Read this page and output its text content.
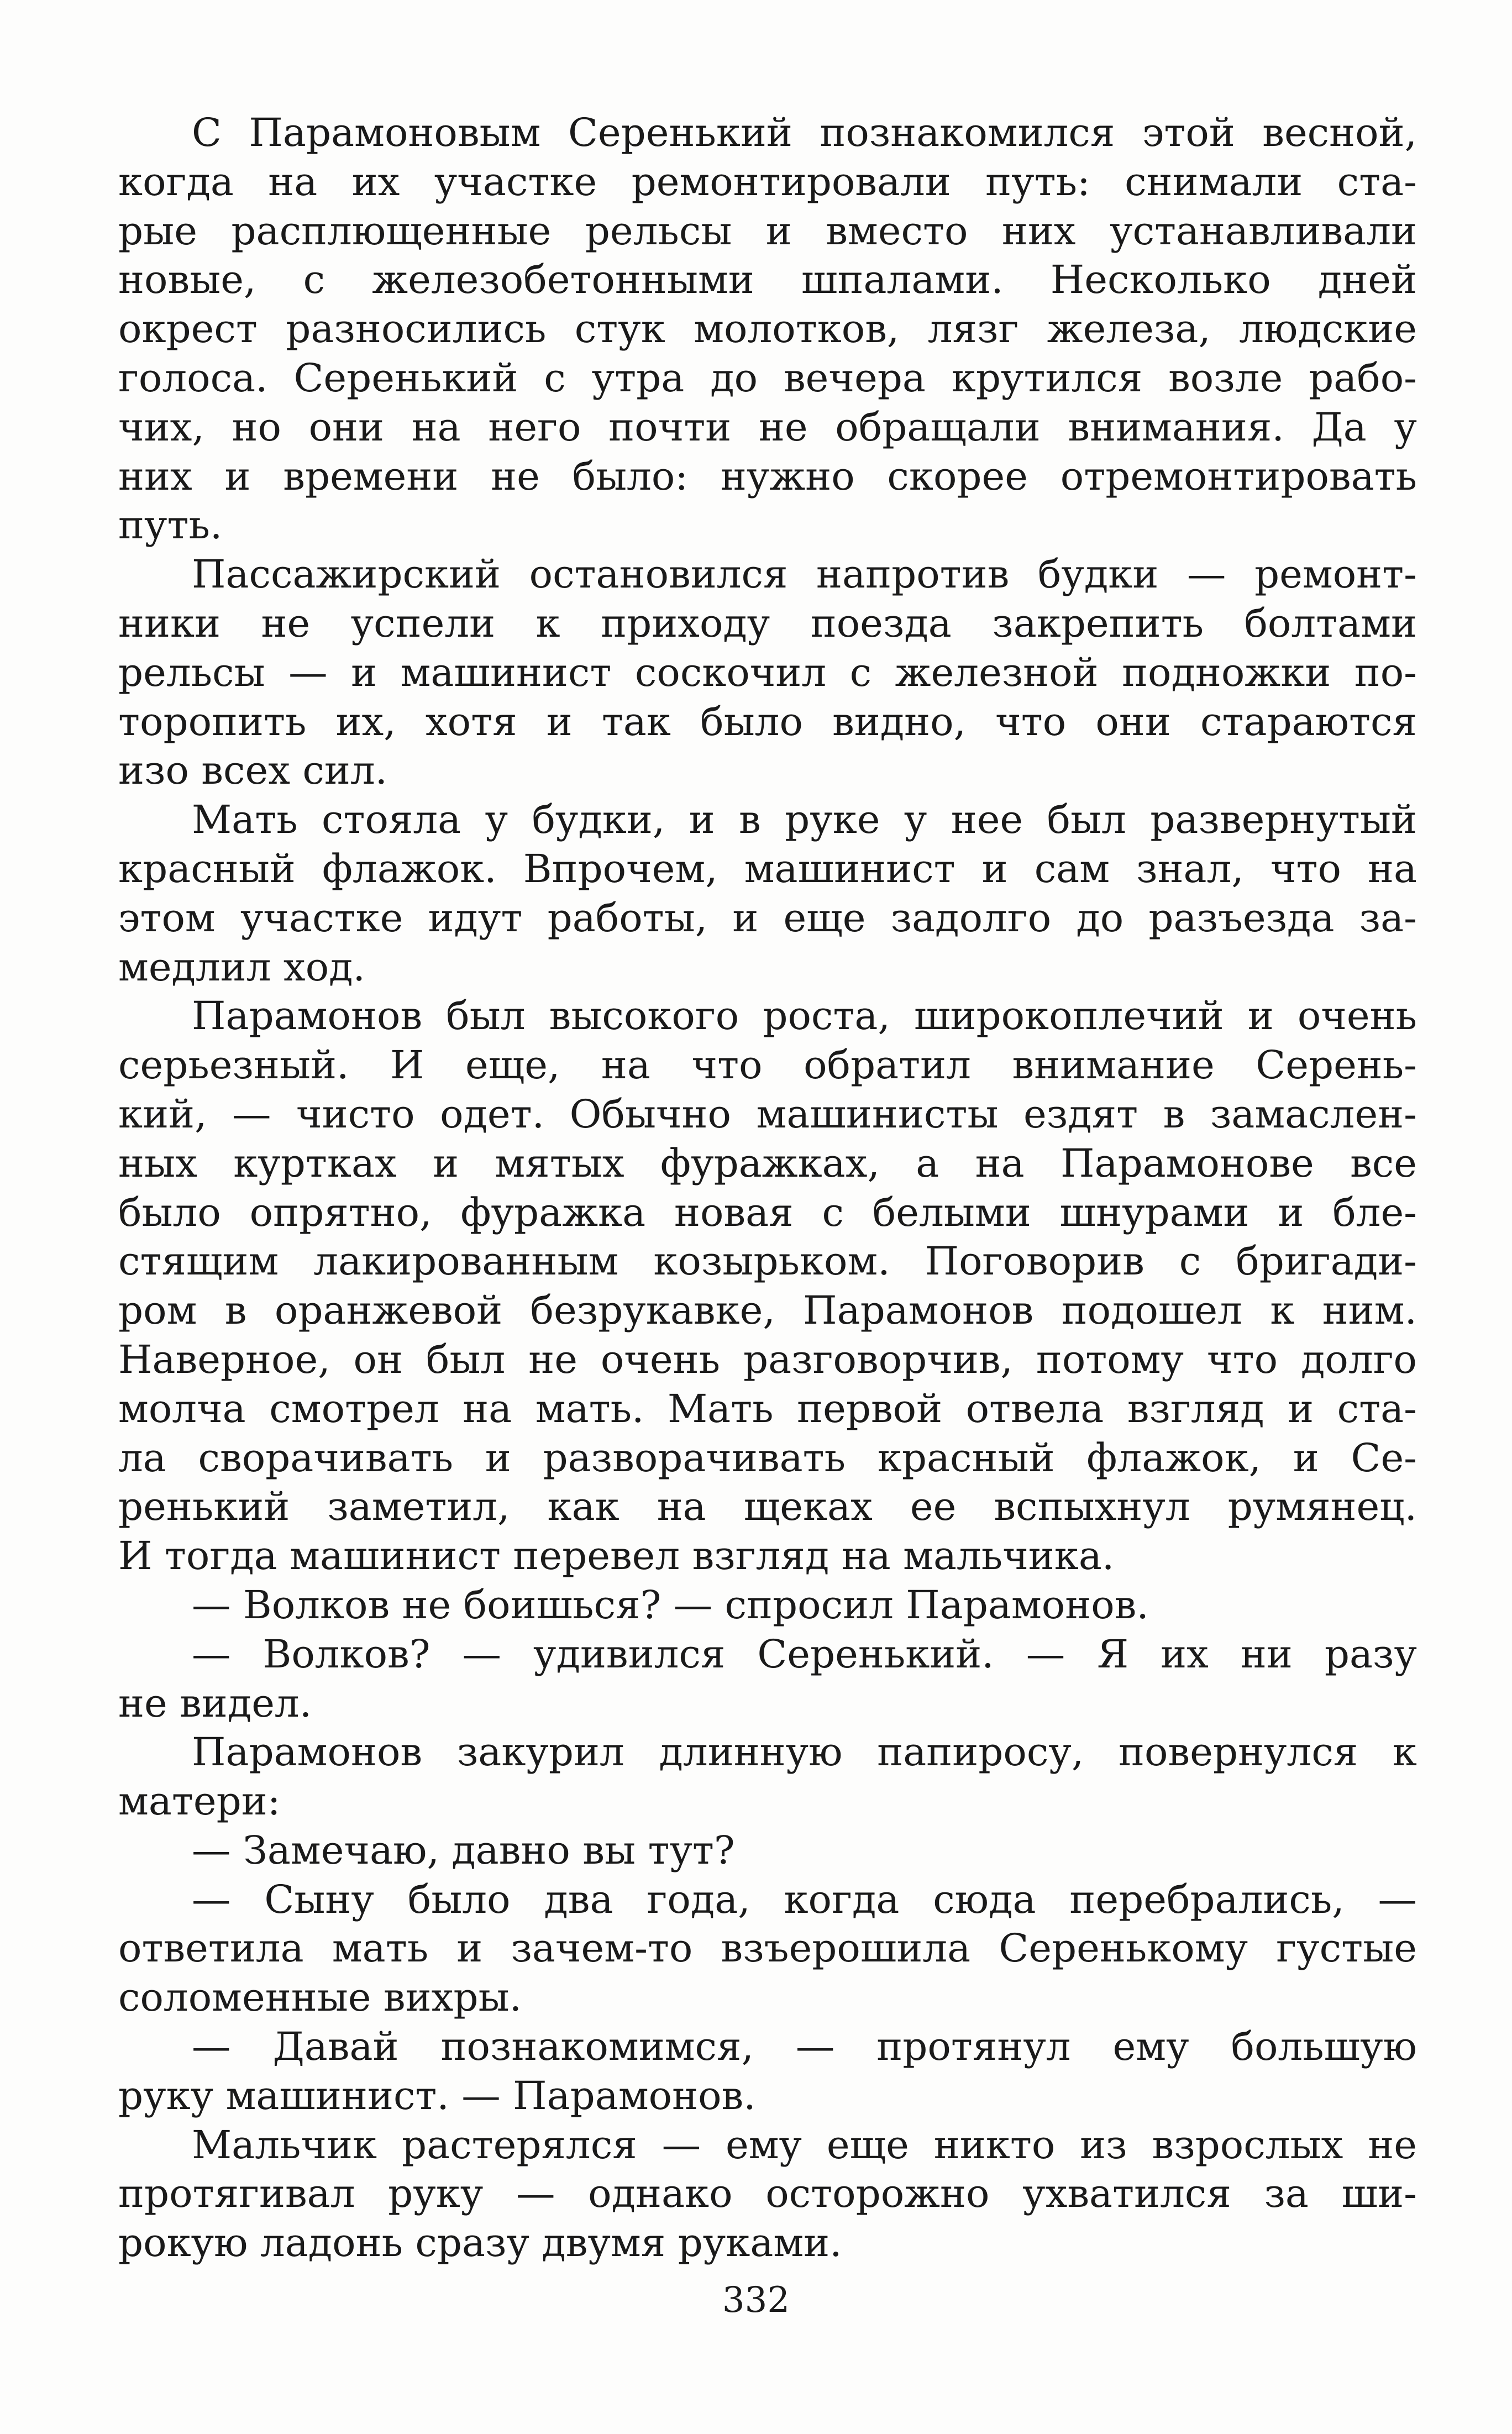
С Парамоновым Серенький познакомился этой весной,
когда на их участке ремонтировали путь: снимали ста-
рые расплющенные рельсы и вместо них устанавливали
новые, с железобетонными шпалами. Несколько дней
окрест разносились стук молотков, лязг железа, людские
голоса. Серенький с утра до вечера крутился возле рабо-
чих, но они на него почти не обращали внимания. Да у
них и времени не было: нужно скорее отремонтировать
путь.
Пассажирский остановился напротив будки — ремонт-
ники не успели к приходу поезда закрепить болтами
рельсы — и машинист соскочил с железной подножки по-
торопить их, хотя и так было видно, что они стараются
изо всех сил.
Мать стояла у будки, и в руке у нее был развернутый
красный флажок. Впрочем, машинист и сам знал, что на
этом участке идут работы, и еще задолго до разъезда за-
медлил ход.
Парамонов был высокого роста, широкоплечий и очень
серьезный. И еще, на что обратил внимание Серень-
кий, — чисто одет. Обычно машинисты ездят в замаслен-
ных куртках и мятых фуражках, а на Парамонове все
было опрятно, фуражка новая с белыми шнурами и бле-
стящим лакированным козырьком. Поговорив с бригади-
ром в оранжевой безрукавке, Парамонов подошел к ним.
Наверное, он был не очень разговорчив, потому что долго
молча смотрел на мать. Мать первой отвела взгляд и ста-
ла сворачивать и разворачивать красный флажок, и Се-
ренький заметил, как на щеках ее вспыхнул румянец.
И тогда машинист перевел взгляд на мальчика.
— Волков не боишься? — спросил Парамонов.
— Волков? — удивился Серенький. — Я их ни разу
не видел.
Парамонов закурил длинную папиросу, повернулся к
матери:
— Замечаю, давно вы тут?
— Сыну было два года, когда сюда перебрались, —
ответила мать и зачем-то взъерошила Серенькому густые
соломенные вихры.
— Давай познакомимся, — протянул ему большую
руку машинист. — Парамонов.
Мальчик растерялся — ему еще никто из взрослых не
протягивал руку — однако осторожно ухватился за ши-
рокую ладонь сразу двумя руками.
332
